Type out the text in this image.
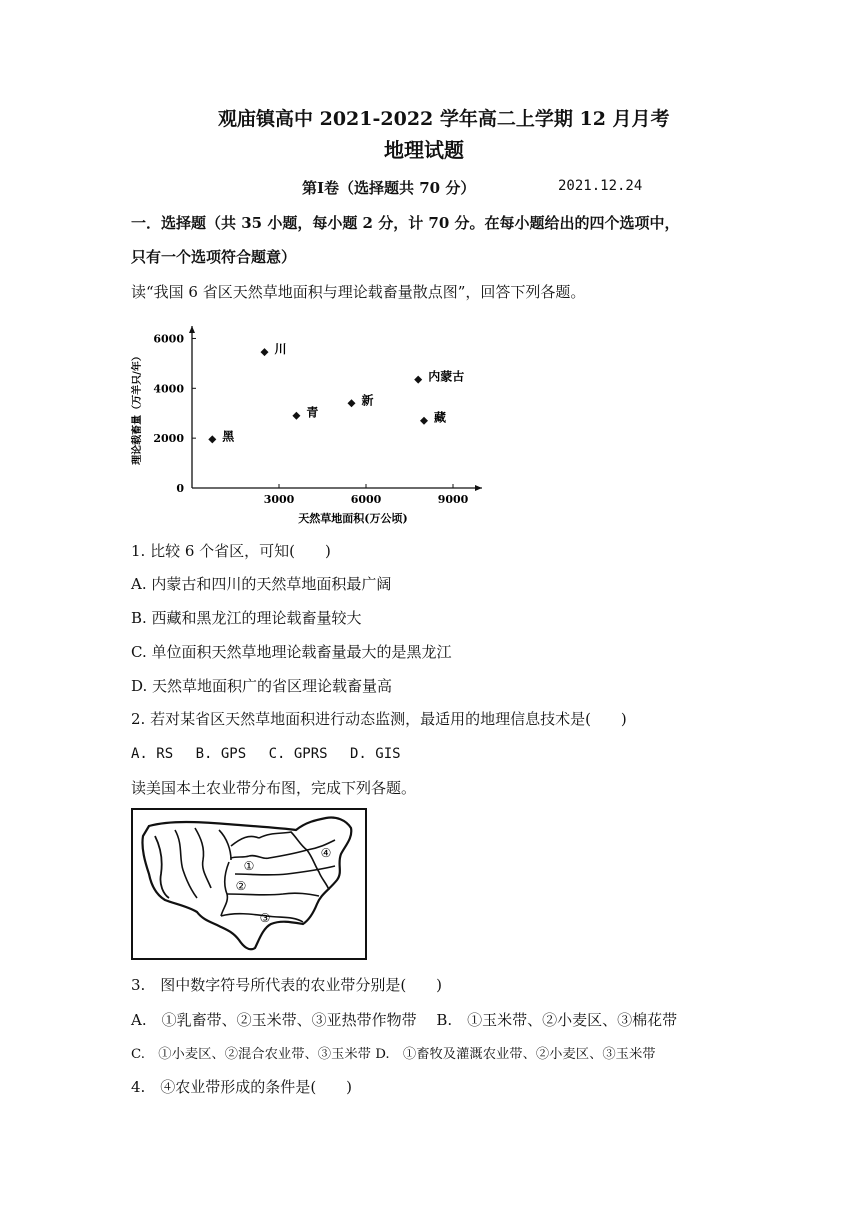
观庙镇高中 2021-2022 学年高二上学期 12 月月考
地理试题
第Ⅰ卷（选择题共 70 分）	2021.12.24
一．选择题（共 35 小题，每小题 2 分，计 70 分。在每小题给出的四个选项中，
只有一个选项符合题意）
读“我国 6 省区天然草地面积与理论载畜量散点图”，回答下列各题。
3000	6000	9000
0
2000
4000
6000
川
内蒙古
新
青	藏
黑
天然草地面积(万公顷)
理论载畜量（万羊只/年）
1. 比较 6 个省区，可知(　　)
A. 内蒙古和四川的天然草地面积最广阔
B. 西藏和黑龙江的理论载畜量较大
C. 单位面积天然草地理论载畜量最大的是黑龙江
D. 天然草地面积广的省区理论载畜量高
2. 若对某省区天然草地面积进行动态监测，最适用的地理信息技术是(　　)
A. RS　 B. GPS　 C. GPRS　 D. GIS
读美国本土农业带分布图，完成下列各题。
①
②
③
④
3.　图中数字符号所代表的农业带分别是(　　)
A.　①乳畜带、②玉米带、③亚热带作物带　 B.　①玉米带、②小麦区、③棉花带
C.　①小麦区、②混合农业带、③玉米带 D.　①畜牧及灌溉农业带、②小麦区、③玉米带
4.　④农业带形成的条件是(　　)
